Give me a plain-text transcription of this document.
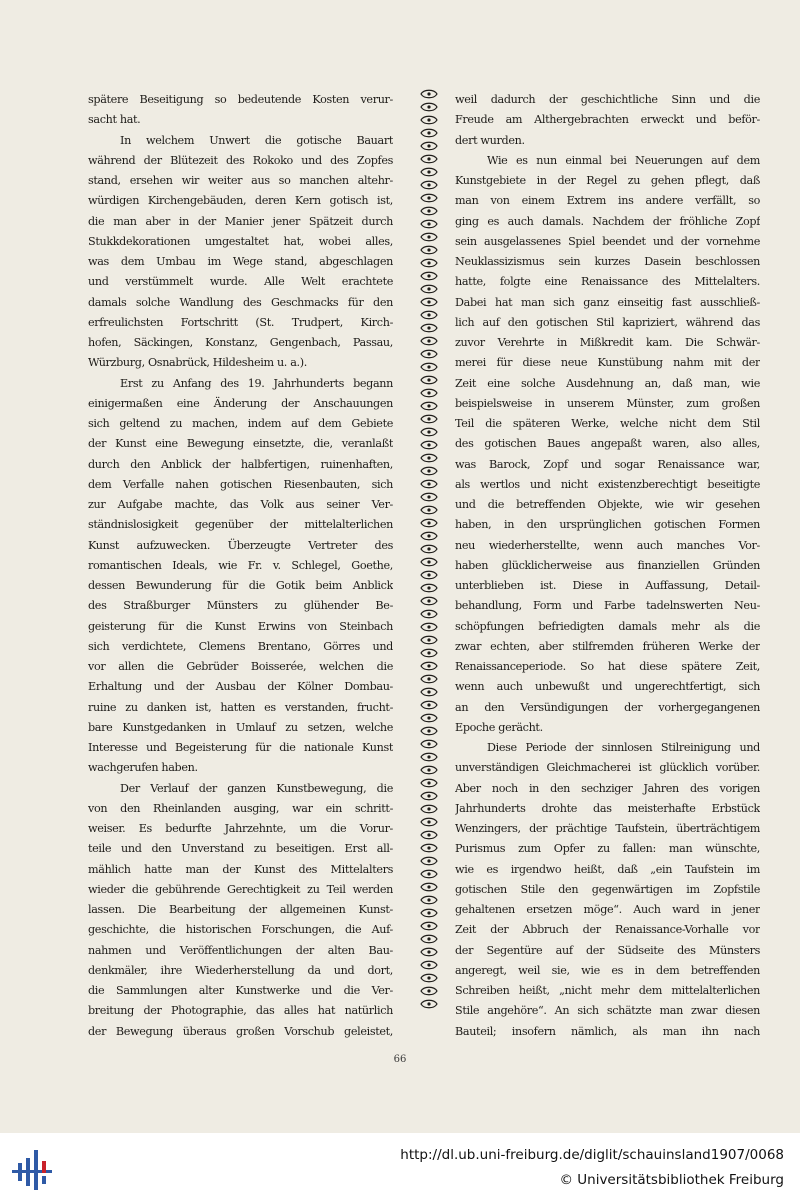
spätere Beseitigung so bedeutende Kosten verur-

sacht hat.

In welchem Unwert die gotische Bauart

während der Blütezeit des Rokoko und des Zopfes

stand, ersehen wir weiter aus so manchen altehr-

würdigen Kirchengebäuden, deren Kern gotisch ist,

die man aber in der Manier jener Spätzeit durch

Stukkdekorationen umgestaltet hat, wobei alles,

was dem Umbau im Wege stand, abgeschlagen

und verstümmelt wurde. Alle Welt erachtete

damals solche Wandlung des Geschmacks für den

erfreulichsten Fortschritt (St. Trudpert, Kirch-

hofen, Säckingen, Konstanz, Gengenbach, Passau,

Würzburg, Osnabrück, Hildesheim u. a.).

Erst zu Anfang des 19. Jahrhunderts begann

einigermaßen eine Änderung der Anschauungen

sich geltend zu machen, indem auf dem Gebiete

der Kunst eine Bewegung einsetzte, die, veranlaßt

durch den Anblick der halbfertigen, ruinenhaften,

dem Verfalle nahen gotischen Riesenbauten, sich

zur Aufgabe machte, das Volk aus seiner Ver-

ständnislosigkeit gegenüber der mittelalterlichen

Kunst aufzuwecken. Überzeugte Vertreter des

romantischen Ideals, wie Fr. v. Schlegel, Goethe,

dessen Bewunderung für die Gotik beim Anblick

des Straßburger Münsters zu glühender Be-

geisterung für die Kunst Erwins von Steinbach

sich verdichtete, Clemens Brentano, Görres und

vor allen die Gebrüder Boisserée, welchen die

Erhaltung und der Ausbau der Kölner Dombau-

ruine zu danken ist, hatten es verstanden, frucht-

bare Kunstgedanken in Umlauf zu setzen, welche

Interesse und Begeisterung für die nationale Kunst

wachgerufen haben.

Der Verlauf der ganzen Kunstbewegung, die

von den Rheinlanden ausging, war ein schritt-

weiser. Es bedurfte Jahrzehnte, um die Vorur-

teile und den Unverstand zu beseitigen. Erst all-

mählich hatte man der Kunst des Mittelalters

wieder die gebührende Gerechtigkeit zu Teil werden

lassen. Die Bearbeitung der allgemeinen Kunst-

geschichte, die historischen Forschungen, die Auf-

nahmen und Veröffentlichungen der alten Bau-

denkmäler, ihre Wiederherstellung da und dort,

die Sammlungen alter Kunstwerke und die Ver-

breitung der Photographie, das alles hat natürlich

der Bewegung überaus großen Vorschub geleistet,

weil dadurch der geschichtliche Sinn und die

Freude am Althergebrachten erweckt und beför-

dert wurden.

Wie es nun einmal bei Neuerungen auf dem

Kunstgebiete in der Regel zu gehen pflegt, daß

man von einem Extrem ins andere verfällt, so

ging es auch damals. Nachdem der fröhliche Zopf

sein ausgelassenes Spiel beendet und der vornehme

Neuklassizismus sein kurzes Dasein beschlossen

hatte, folgte eine Renaissance des Mittelalters.

Dabei hat man sich ganz einseitig fast ausschließ-

lich auf den gotischen Stil kapriziert, während das

zuvor Verehrte in Mißkredit kam. Die Schwär-

merei für diese neue Kunstübung nahm mit der

Zeit eine solche Ausdehnung an, daß man, wie

beispielsweise in unserem Münster, zum großen

Teil die späteren Werke, welche nicht dem Stil

des gotischen Baues angepaßt waren, also alles,

was Barock, Zopf und sogar Renaissance war,

als wertlos und nicht existenzberechtigt beseitigte

und die betreffenden Objekte, wie wir gesehen

haben, in den ursprünglichen gotischen Formen

neu wiederherstellte, wenn auch manches Vor-

haben glücklicherweise aus finanziellen Gründen

unterblieben ist. Diese in Auffassung, Detail-

behandlung, Form und Farbe tadelnswerten Neu-

schöpfungen befriedigten damals mehr als die

zwar echten, aber stilfremden früheren Werke der

Renaissanceperiode. So hat diese spätere Zeit,

wenn auch unbewußt und ungerechtfertigt, sich

an den Versündigungen der vorhergegangenen

Epoche gerächt.

Diese Periode der sinnlosen Stilreinigung und

unverständigen Gleichmacherei ist glücklich vorüber.

Aber noch in den sechziger Jahren des vorigen

Jahrhunderts drohte das meisterhafte Erbstück

Wenzingers, der prächtige Taufstein, überträchtigem

Purismus zum Opfer zu fallen: man wünschte,

wie es irgendwo heißt, daß „ein Taufstein im

gotischen Stile den gegenwärtigen im Zopfstile

gehaltenen ersetzen möge“. Auch ward in jener

Zeit der Abbruch der Renaissance-Vorhalle vor

der Segentüre auf der Südseite des Münsters

angeregt, weil sie, wie es in dem betreffenden

Schreiben heißt, „nicht mehr dem mittelalterlichen

Stile angehöre“. An sich schätzte man zwar diesen

Bauteil; insofern nämlich, als man ihn nach

66
http://dl.ub.uni-freiburg.de/diglit/schauinsland1907/0068
© Universitätsbibliothek Freiburg
